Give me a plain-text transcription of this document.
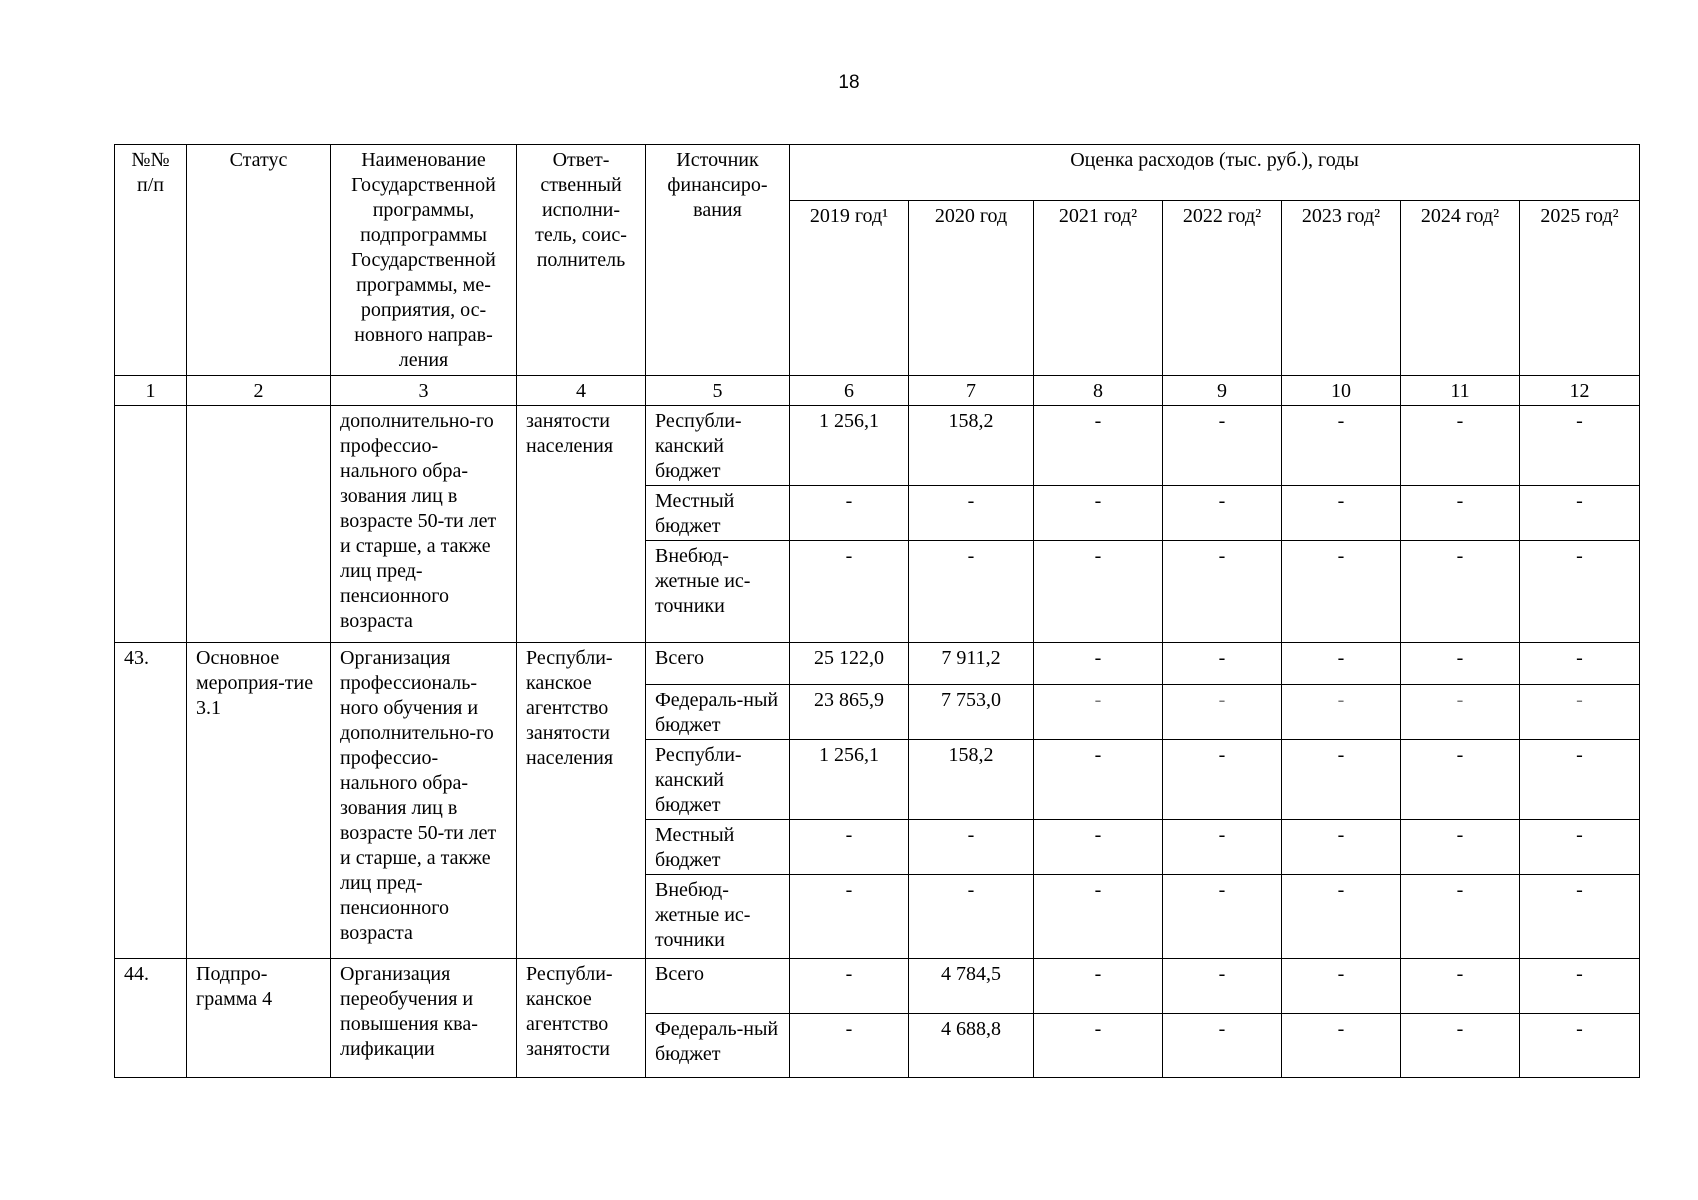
18
№№ п/п	Статус	Наименование Государственной программы, подпрограммы Государственной программы, ме-роприятия, ос-новного направ-ления	Ответ-ственный исполни-тель, соис-полнитель	Источник финансиро-вания	Оценка расходов (тыс. руб.), годы						
					2019 год¹	2020 год	2021 год²	2022 год²	2023 год²	2024 год²	2025 год²
1	2	3	4	5	6	7	8	9	10	11	12
		дополнительно-го профессио-нального обра-зования лиц в возрасте 50-ти лет и старше, а также лиц пред-пенсионного возраста	занятости населения	Республи-канский бюджет	1 256,1	158,2	-	-	-	-	-
				Местный бюджет	-	-	-	-	-	-	-
				Внебюд-жетные ис-точники	-	-	-	-	-	-	-
43.	Основное мероприя-тие 3.1	Организация профессиональ-ного обучения и дополнительно-го профессио-нального обра-зования лиц в возрасте 50-ти лет и старше, а также лиц пред-пенсионного возраста	Республи-канское агентство занятости населения	Всего	25 122,0	7 911,2	-	-	-	-	-
				Федераль-ный бюджет	23 865,9	7 753,0	-	-	-	-	-
				Республи-канский бюджет	1 256,1	158,2	-	-	-	-	-
				Местный бюджет	-	-	-	-	-	-	-
				Внебюд-жетные ис-точники	-	-	-	-	-	-	-
44.	Подпро-грамма 4	Организация переобучения и повышения ква-лификации	Республи-канское агентство занятости	Всего	-	4 784,5	-	-	-	-	-
				Федераль-ный бюджет	-	4 688,8	-	-	-	-	-
